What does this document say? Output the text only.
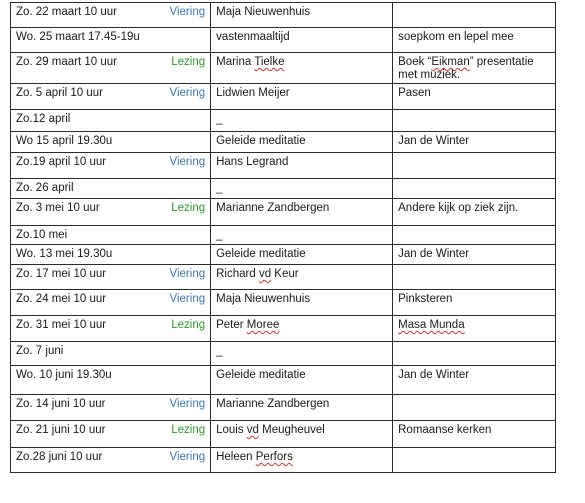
Zo. 22 maart 10 uur Viering	Maja Nieuwenhuis	

Wo. 25 maart 17.45-19u	vastenmaaltijd	soepkom en lepel mee

Zo. 29 maart 10 uur Lezing	Marina Tielke	Boek “Eikman” presentatie met muziek.

Zo. 5 april 10 uur Viering	Lidwien Meijer	Pasen

Zo.12 april	_	

Wo 15 april 19.30u	Geleide meditatie	Jan de Winter

Zo.19 april 10 uur Viering	Hans Legrand	

Zo. 26 april	_	

Zo. 3 mei 10 uur Lezing	Marianne Zandbergen	Andere kijk op ziek zijn.

Zo.10 mei	_	

Wo. 13 mei 19.30u	Geleide meditatie	Jan de Winter

Zo. 17 mei 10 uur Viering	Richard vd Keur	

Zo. 24 mei 10 uur Viering	Maja Nieuwenhuis	Pinksteren

Zo. 31 mei 10 uur Lezing	Peter Moree	Masa Munda

Zo. 7 juni	_	

Wo. 10 juni 19.30u	Geleide meditatie	Jan de Winter

Zo. 14 juni 10 uur Viering	Marianne Zandbergen	

Zo. 21 juni 10 uur Lezing	Louis vd Meugheuvel	Romaanse kerken

Zo.28 juni 10 uur Viering	Heleen Perfors	
